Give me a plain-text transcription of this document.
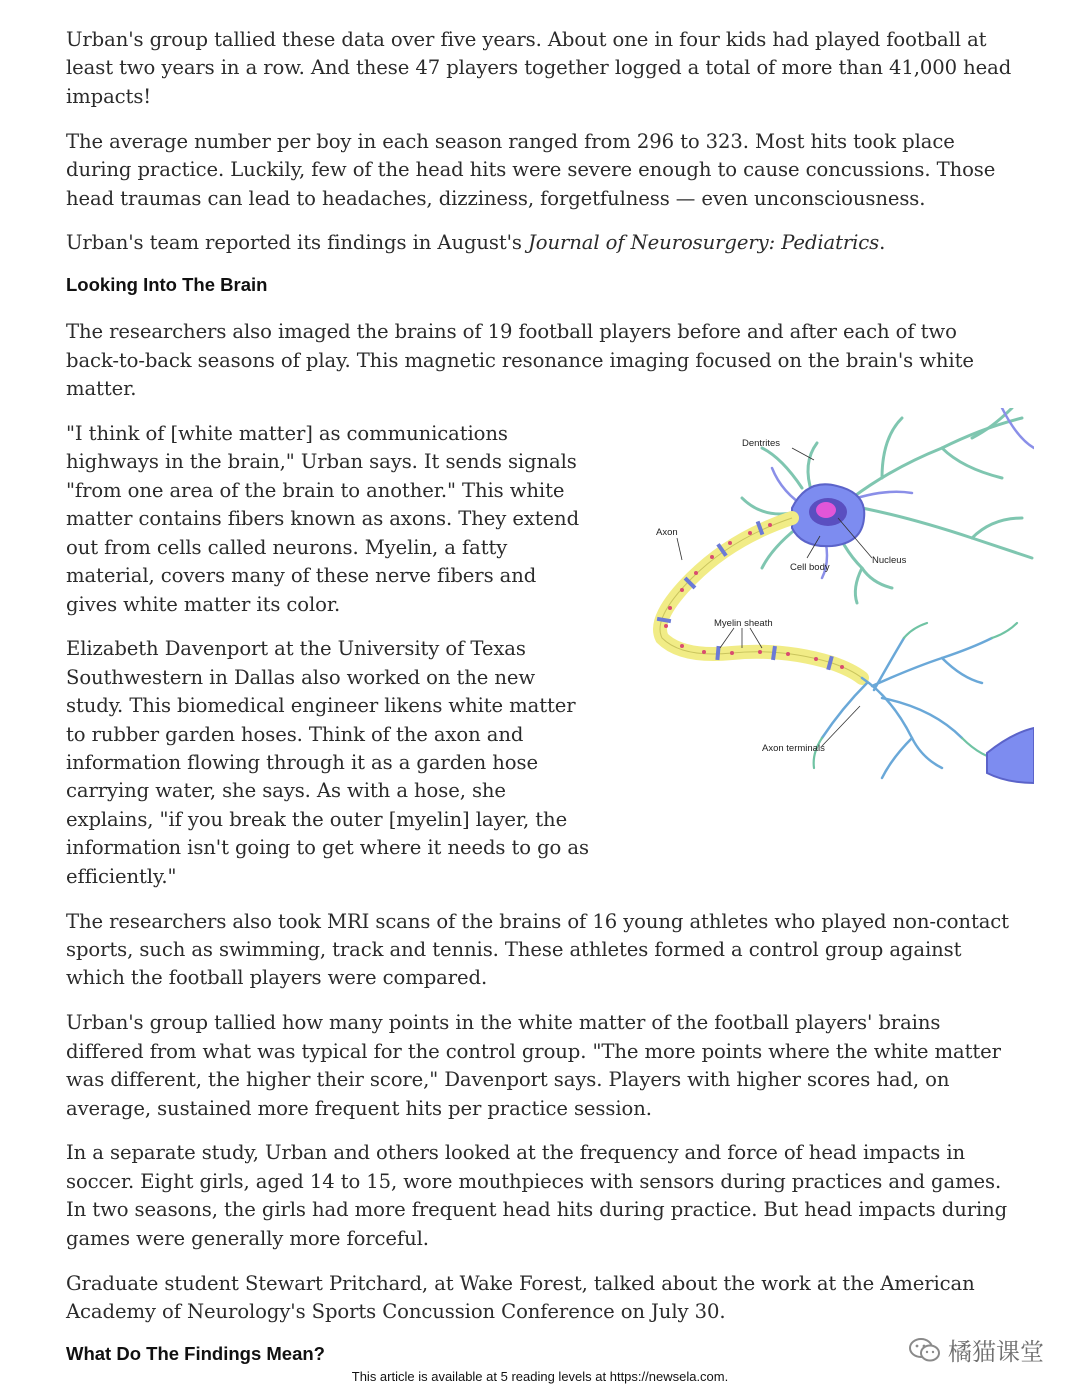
Urban's group tallied these data over five years. About one in four kids had played football at least two years in a row. And these 47 players together logged a total of more than 41,000 head impacts!

The average number per boy in each season ranged from 296 to 323. Most hits took place during practice. Luckily, few of the head hits were severe enough to cause concussions. Those head traumas can lead to headaches, dizziness, forgetfulness — even unconsciousness.

Urban's team reported its findings in August's Journal of Neurosurgery: Pediatrics.

Looking Into The Brain

The researchers also imaged the brains of 19 football players before and after each of two back-to-back seasons of play. This magnetic resonance imaging focused on the brain's white matter.

Dentrites
Axon
Cell body
Nucleus
Myelin sheath
Axon terminals

"I think of [white matter] as communications highways in the brain," Urban says. It sends signals "from one area of the brain to another." This white matter contains fibers known as axons. They extend out from cells called neurons. Myelin, a fatty material, covers many of these nerve fibers and gives white matter its color.

Elizabeth Davenport at the University of Texas Southwestern in Dallas also worked on the new study. This biomedical engineer likens white matter to rubber garden hoses. Think of the axon and information flowing through it as a garden hose carrying water, she says. As with a hose, she explains, "if you break the outer [myelin] layer, the information isn't going to get where it needs to go as efficiently."

The researchers also took MRI scans of the brains of 16 young athletes who played non-contact sports, such as swimming, track and tennis. These athletes formed a control group against which the football players were compared.

Urban's group tallied how many points in the white matter of the football players' brains differed from what was typical for the control group. "The more points where the white matter was different, the higher their score," Davenport says. Players with higher scores had, on average, sustained more frequent hits per practice session.

In a separate study, Urban and others looked at the frequency and force of head impacts in soccer. Eight girls, aged 14 to 15, wore mouthpieces with sensors during practices and games. In two seasons, the girls had more frequent head hits during practice. But head impacts during games were generally more forceful.

Graduate student Stewart Pritchard, at Wake Forest, talked about the work at the American Academy of Neurology's Sports Concussion Conference on July 30.

What Do The Findings Mean?	橘猫课堂
This article is available at 5 reading levels at https://newsela.com.
